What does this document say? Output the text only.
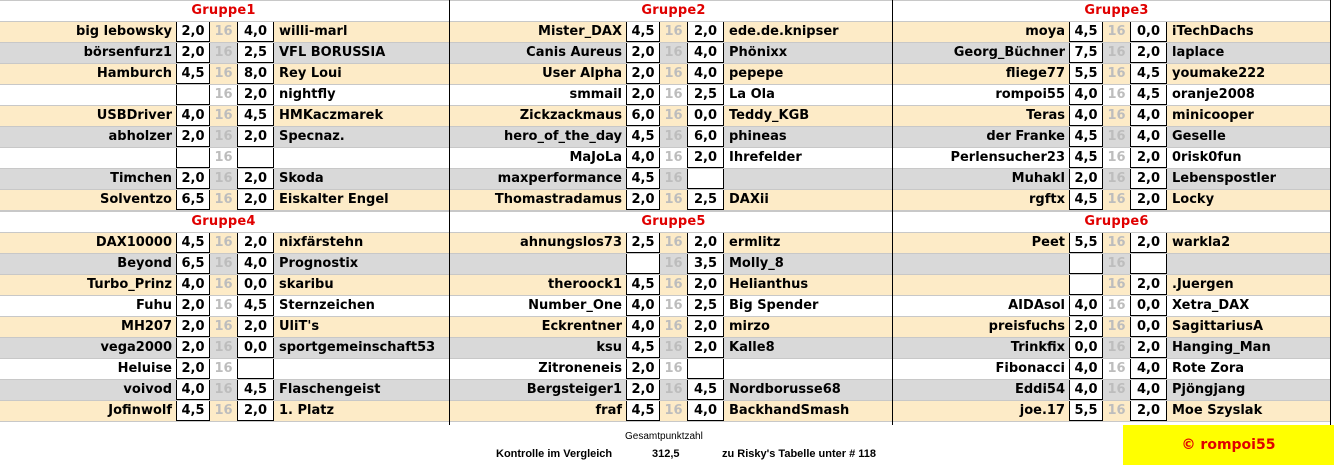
Gruppe1
big lebowsky 2,0 16 4,0 willi-marl
börsenfurz1 2,0 16 2,5 VFL BORUSSIA
Hamburch 4,5 16 8,0 Rey Loui
16 2,0 nightfly
USBDriver 4,0 16 4,5 HMKaczmarek
abholzer 2,0 16 2,0 Specnaz.
16
Timchen 2,0 16 2,0 Skoda
Solventzo 6,5 16 2,0 Eiskalter Engel
Gruppe2
Mister_DAX 4,5 16 2,0 ede.de.knipser
Canis Aureus 2,0 16 4,0 Phönixx
User Alpha 2,0 16 4,0 pepepe
smmail 2,0 16 2,5 La Ola
Zickzackmaus 6,0 16 0,0 Teddy_KGB
hero_of_the_day 4,5 16 6,0 phineas
MaJoLa 4,0 16 2,0 Ihrefelder
maxperformance 4,5 16
Thomastradamus 2,0 16 2,5 DAXii
Gruppe3
moya 4,5 16 0,0 iTechDachs
Georg_Büchner 7,5 16 2,0 laplace
fliege77 5,5 16 4,5 youmake222
rompoi55 4,0 16 4,5 oranje2008
Teras 4,0 16 4,0 minicooper
der Franke 4,5 16 4,0 Geselle
Perlensucher23 4,5 16 2,0 0risk0fun
Muhakl 2,0 16 2,0 Lebenspostler
rgftx 4,5 16 2,0 Locky
Gruppe4
DAX10000 4,5 16 2,0 nixfärstehn
Beyond 6,5 16 4,0 Prognostix
Turbo_Prinz 4,0 16 0,0 skaribu
Fuhu 2,0 16 4,5 Sternzeichen
MH207 2,0 16 2,0 UliT's
vega2000 2,0 16 0,0 sportgemeinschaft53
Heluise 2,0 16
voivod 4,0 16 4,5 Flaschengeist
Jofinwolf 4,5 16 2,0 1. Platz
Gruppe5
ahnungslos73 2,5 16 2,0 ermlitz
16 3,5 Molly_8
theroock1 4,5 16 2,0 Helianthus
Number_One 4,0 16 2,5 Big Spender
Eckrentner 4,0 16 2,0 mirzo
ksu 4,5 16 2,0 Kalle8
Zitroneneis 2,0 16
Bergsteiger1 2,0 16 4,5 Nordborusse68
fraf 4,5 16 4,0 BackhandSmash
Gruppe6
Peet 5,5 16 2,0 warkla2
16
16 2,0 .Juergen
AIDAsol 4,0 16 0,0 Xetra_DAX
preisfuchs 2,0 16 0,0 SagittariusA
Trinkfix 0,0 16 2,0 Hanging_Man
Fibonacci 4,0 16 4,0 Rote Zora
Eddi54 4,0 16 4,0 Pjöngjang
joe.17 5,5 16 2,0 Moe Szyslak
Gesamtpunktzahl
Kontrolle im Vergleich	312,5	zu Risky's Tabelle unter # 118
© rompoi55
